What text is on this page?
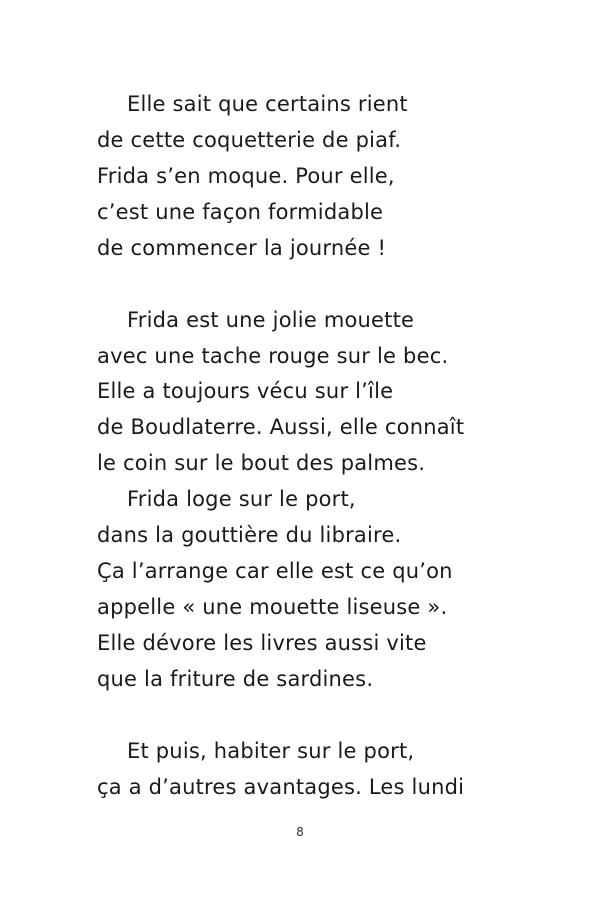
Elle sait que certains rient
de cette coquetterie de piaf.
Frida s’en moque. Pour elle,
c’est une façon formidable
de commencer la journée !
Frida est une jolie mouette
avec une tache rouge sur le bec.
Elle a toujours vécu sur l’île
de Boudlaterre. Aussi, elle connaît
le coin sur le bout des palmes.
Frida loge sur le port,
dans la gouttière du libraire.
Ça l’arrange car elle est ce qu’on
appelle « une mouette liseuse ».
Elle dévore les livres aussi vite
que la friture de sardines.
Et puis, habiter sur le port,
ça a d’autres avantages. Les lundi
8
